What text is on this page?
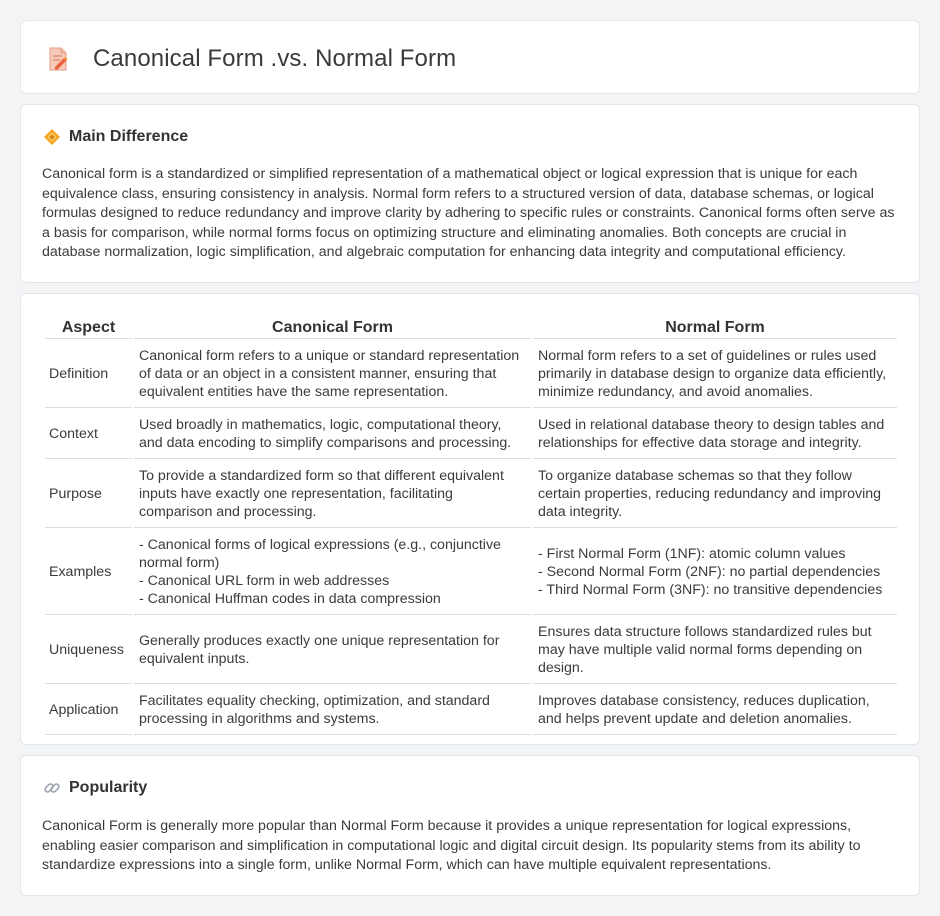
Canonical Form .vs. Normal Form
Main Difference

Canonical form is a standardized or simplified representation of a mathematical object or logical expression that is unique for each equivalence class, ensuring consistency in analysis. Normal form refers to a structured version of data, database schemas, or logical formulas designed to reduce redundancy and improve clarity by adhering to specific rules or constraints. Canonical forms often serve as a basis for comparison, while normal forms focus on optimizing structure and eliminating anomalies. Both concepts are crucial in database normalization, logic simplification, and algebraic computation for enhancing data integrity and computational efficiency.

Aspect	Canonical Form	Normal Form
Definition	Canonical form refers to a unique or standard representation of data or an object in a consistent manner, ensuring that equivalent entities have the same representation.	Normal form refers to a set of guidelines or rules used primarily in database design to organize data efficiently, minimize redundancy, and avoid anomalies.

Context	Used broadly in mathematics, logic, computational theory, and data encoding to simplify comparisons and processing.	Used in relational database theory to design tables and relationships for effective data storage and integrity.

Purpose	To provide a standardized form so that different equivalent inputs have exactly one representation, facilitating comparison and processing.	To organize database schemas so that they follow certain properties, reducing redundancy and improving data integrity.

Examples	- Canonical forms of logical expressions (e.g., conjunctive normal form)
- Canonical URL form in web addresses
- Canonical Huffman codes in data compression	- First Normal Form (1NF): atomic column values
- Second Normal Form (2NF): no partial dependencies
- Third Normal Form (3NF): no transitive dependencies

Uniqueness	Generally produces exactly one unique representation for equivalent inputs.	Ensures data structure follows standardized rules but may have multiple valid normal forms depending on design.

Application	Facilitates equality checking, optimization, and standard processing in algorithms and systems.	Improves database consistency, reduces duplication, and helps prevent update and deletion anomalies.
Popularity

Canonical Form is generally more popular than Normal Form because it provides a unique representation for logical expressions, enabling easier comparison and simplification in computational logic and digital circuit design. Its popularity stems from its ability to standardize expressions into a single form, unlike Normal Form, which can have multiple equivalent representations.
